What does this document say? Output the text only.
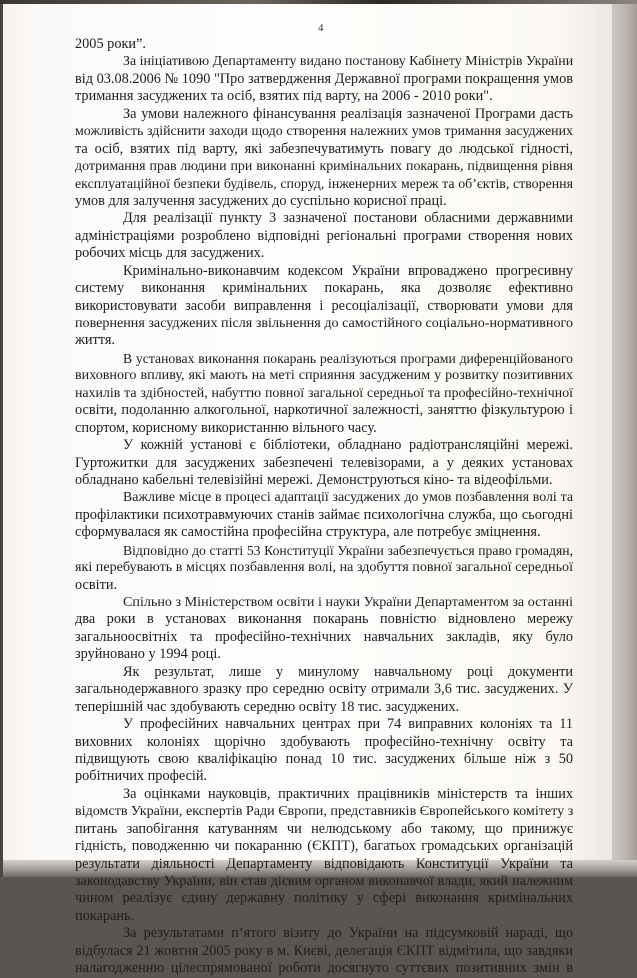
4
2005 роки”.
За ініціативою Департаменту видано постанову Кабінету Міністрів України
від 03.08.2006 № 1090 "Про затвердження Державної програми покращення умов
тримання засуджених та осіб, взятих під варту, на 2006 - 2010 роки".
За умови належного фінансування реалізація зазначеної Програми дасть
можливість здійснити заходи щодо створення належних умов тримання засуджених
та осіб, взятих під варту, які забезпечуватимуть повагу до людської гідності,
дотримання прав людини при виконанні кримінальних покарань, підвищення рівня
експлуатаційної безпеки будівель, споруд, інженерних мереж та об’єктів, створення
умов для залучення засуджених до суспільно корисної праці.
Для реалізації пункту 3 зазначеної постанови обласними державними
адміністраціями розроблено відповідні регіональні програми створення нових
робочих місць для засуджених.
Кримінально-виконавчим кодексом України впроваджено прогресивну
систему виконання кримінальних покарань, яка дозволяє ефективно
використовувати засоби виправлення і ресоціалізації, створювати умови для
повернення засуджених після звільнення до самостійного соціально-нормативного
життя.
В установах виконання покарань реалізуються програми диференційованого
виховного впливу, які мають на меті сприяння засудженим у розвитку позитивних
нахилів та здібностей, набуттю повної загальної середньої та професійно-технічної
освіти, подоланню алкогольної, наркотичної залежності, заняттю фізкультурою і
спортом, корисному використанню вільного часу.
У кожній установі є бібліотеки, обладнано радіотрансляційні мережі.
Гуртожитки для засуджених забезпечені телевізорами, а у деяких установах
обладнано кабельні телевізійні мережі. Демонструються кіно- та відеофільми.
Важливе місце в процесі адаптації засуджених до умов позбавлення волі та
профілактики психотравмуючих станів займає психологічна служба, що сьогодні
сформувалася як самостійна професійна структура, але потребує зміцнення.
Відповідно до статті 53 Конституції України забезпечується право громадян,
які перебувають в місцях позбавлення волі, на здобуття повної загальної середньої
освіти.
Спільно з Міністерством освіти і науки України Департаментом за останні
два роки в установах виконання покарань повністю відновлено мережу
загальноосвітніх та професійно-технічних навчальних закладів, яку було
зруйновано у 1994 році.
Як результат, лише у минулому навчальному році документи
загальнодержавного зразку про середню освіту отримали 3,6 тис. засуджених. У
теперішній час здобувають середню освіту 18 тис. засуджених.
У професійних навчальних центрах при 74 виправних колоніях та 11
виховних колоніях щорічно здобувають професійно-технічну освіту та
підвищують свою кваліфікацію понад 10 тис. засуджених більше ніж з 50
робітничих професій.
За оцінками науковців, практичних працівників міністерств та інших
відомств України, експертів Ради Європи, представників Європейського комітету з
питань запобігання катуванням чи нелюдському або такому, що принижує
гідність, поводженню чи покаранню (ЄКПТ), багатьох громадських організацій
результати діяльності Департаменту відповідають Конституції України та
законодавству України, він став дієвим органом виконавчої влади, який належним
чином реалізує єдину державну політику у сфері виконання кримінальних
покарань.
За результатами п’ятого візиту до України на підсумковій нараді, що
відбулася 21 жовтня 2005 року в м. Києві, делегація ЄКПТ відмітила, що завдяки
налагодженню цілеспрямованої роботи досягнуто суттєвих позитивних змін в
